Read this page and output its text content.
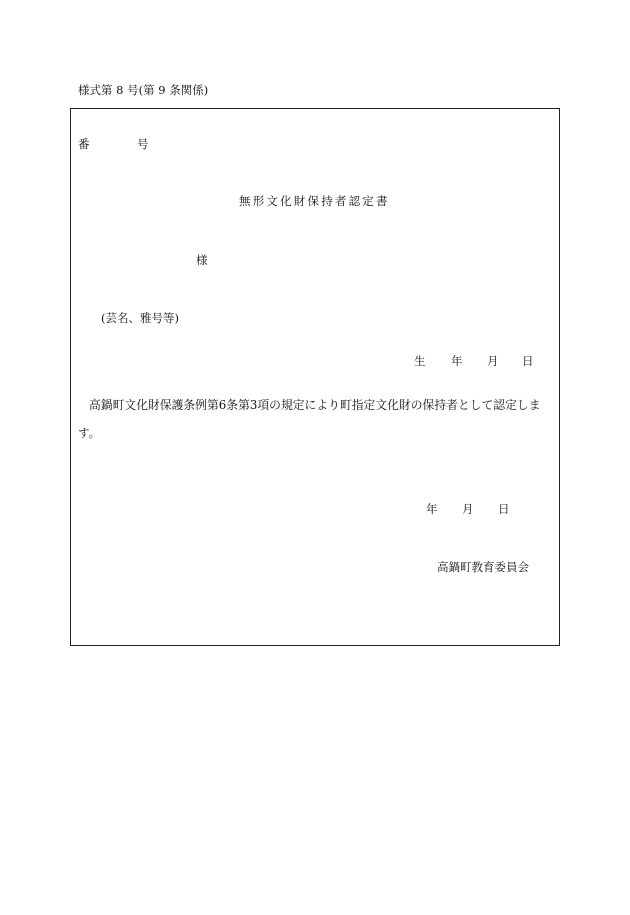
様式第 8 号(第 9 条関係)
番	号
無形文化財保持者認定書
様
(芸名、雅号等)
生 年 月 日
高鍋町文化財保護条例第6条第3項の規定により町指定文化財の保持者として認定しま
す。
年 月 日
高鍋町教育委員会
